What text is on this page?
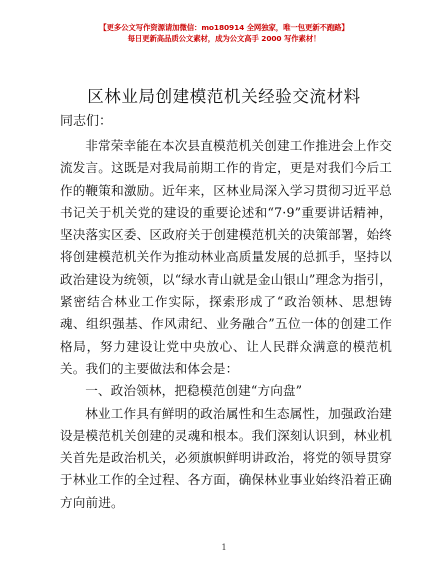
【更多公文写作资源请加微信：mo180914 全网独家，唯一包更新不跑路】
每日更新高品质公文素材，成为公文高手 2000 写作素材！
区林业局创建模范机关经验交流材料
同志们：

非常荣幸能在本次县直模范机关创建工作推进会上作交流发言。这既是对我局前期工作的肯定，更是对我们今后工作的鞭策和激励。近年来，区林业局深入学习贯彻习近平总书记关于机关党的建设的重要论述和“7·9”重要讲话精神，坚决落实区委、区政府关于创建模范机关的决策部署，始终将创建模范机关作为推动林业高质量发展的总抓手，坚持以政治建设为统领，以“绿水青山就是金山银山”理念为指引，紧密结合林业工作实际，探索形成了“政治领林、思想铸魂、组织强基、作风肃纪、业务融合”五位一体的创建工作格局，努力建设让党中央放心、让人民群众满意的模范机关。我们的主要做法和体会是：

一、政治领林，把稳模范创建“方向盘”

林业工作具有鲜明的政治属性和生态属性，加强政治建设是模范机关创建的灵魂和根本。我们深刻认识到，林业机关首先是政治机关，必须旗帜鲜明讲政治，将党的领导贯穿于林业工作的全过程、各方面，确保林业事业始终沿着正确方向前进。

1
